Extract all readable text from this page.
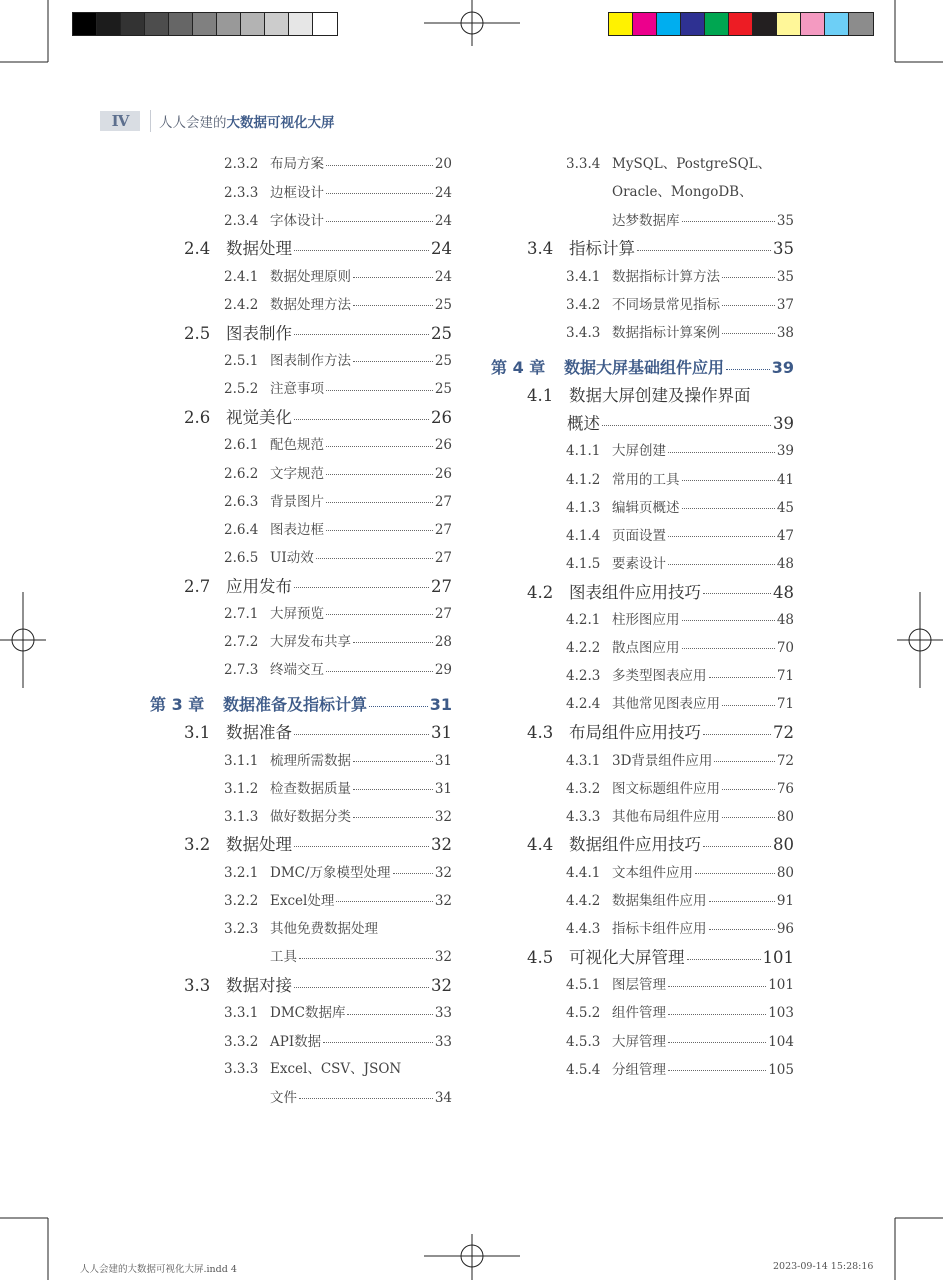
IV	人人会建的大数据可视化大屏
2.3.2 布局方案	20
2.3.3 边框设计	24
2.3.4 字体设计	24
2.4 数据处理	24
2.4.1 数据处理原则	24
2.4.2 数据处理方法	25
2.5 图表制作	25
2.5.1 图表制作方法	25
2.5.2 注意事项	25
2.6 视觉美化	26
2.6.1 配色规范	26
2.6.2 文字规范	26
2.6.3 背景图片	27
2.6.4 图表边框	27
2.6.5 UI动效	27
2.7 应用发布	27
2.7.1 大屏预览	27
2.7.2 大屏发布共享	28
2.7.3 终端交互	29
第 3 章	数据准备及指标计算	31
3.1 数据准备	31
3.1.1 梳理所需数据	31
3.1.2 检查数据质量	31
3.1.3 做好数据分类	32
3.2 数据处理	32
3.2.1 DMC/万象模型处理	32
3.2.2 Excel处理	32
3.2.3 其他免费数据处理
工具	32
3.3 数据对接	32
3.3.1 DMC数据库	33
3.3.2 API数据	33
3.3.3 Excel、CSV、JSON
文件	34
3.3.4 MySQL、PostgreSQL、
Oracle、MongoDB、
达梦数据库	35
3.4 指标计算	35
3.4.1 数据指标计算方法	35
3.4.2 不同场景常见指标	37
3.4.3 数据指标计算案例	38
第 4 章	数据大屏基础组件应用	39
4.1 数据大屏创建及操作界面
概述	39
4.1.1 大屏创建	39
4.1.2 常用的工具	41
4.1.3 编辑页概述	45
4.1.4 页面设置	47
4.1.5 要素设计	48
4.2 图表组件应用技巧	48
4.2.1 柱形图应用	48
4.2.2 散点图应用	70
4.2.3 多类型图表应用	71
4.2.4 其他常见图表应用	71
4.3 布局组件应用技巧	72
4.3.1 3D背景组件应用	72
4.3.2 图文标题组件应用	76
4.3.3 其他布局组件应用	80
4.4 数据组件应用技巧	80
4.4.1 文本组件应用	80
4.4.2 数据集组件应用	91
4.4.3 指标卡组件应用	96
4.5 可视化大屏管理	101
4.5.1 图层管理	101
4.5.2 组件管理	103
4.5.3 大屏管理	104
4.5.4 分组管理	105
人人会建的大数据可视化大屏.indd 4	2023-09-14 15:28:16
